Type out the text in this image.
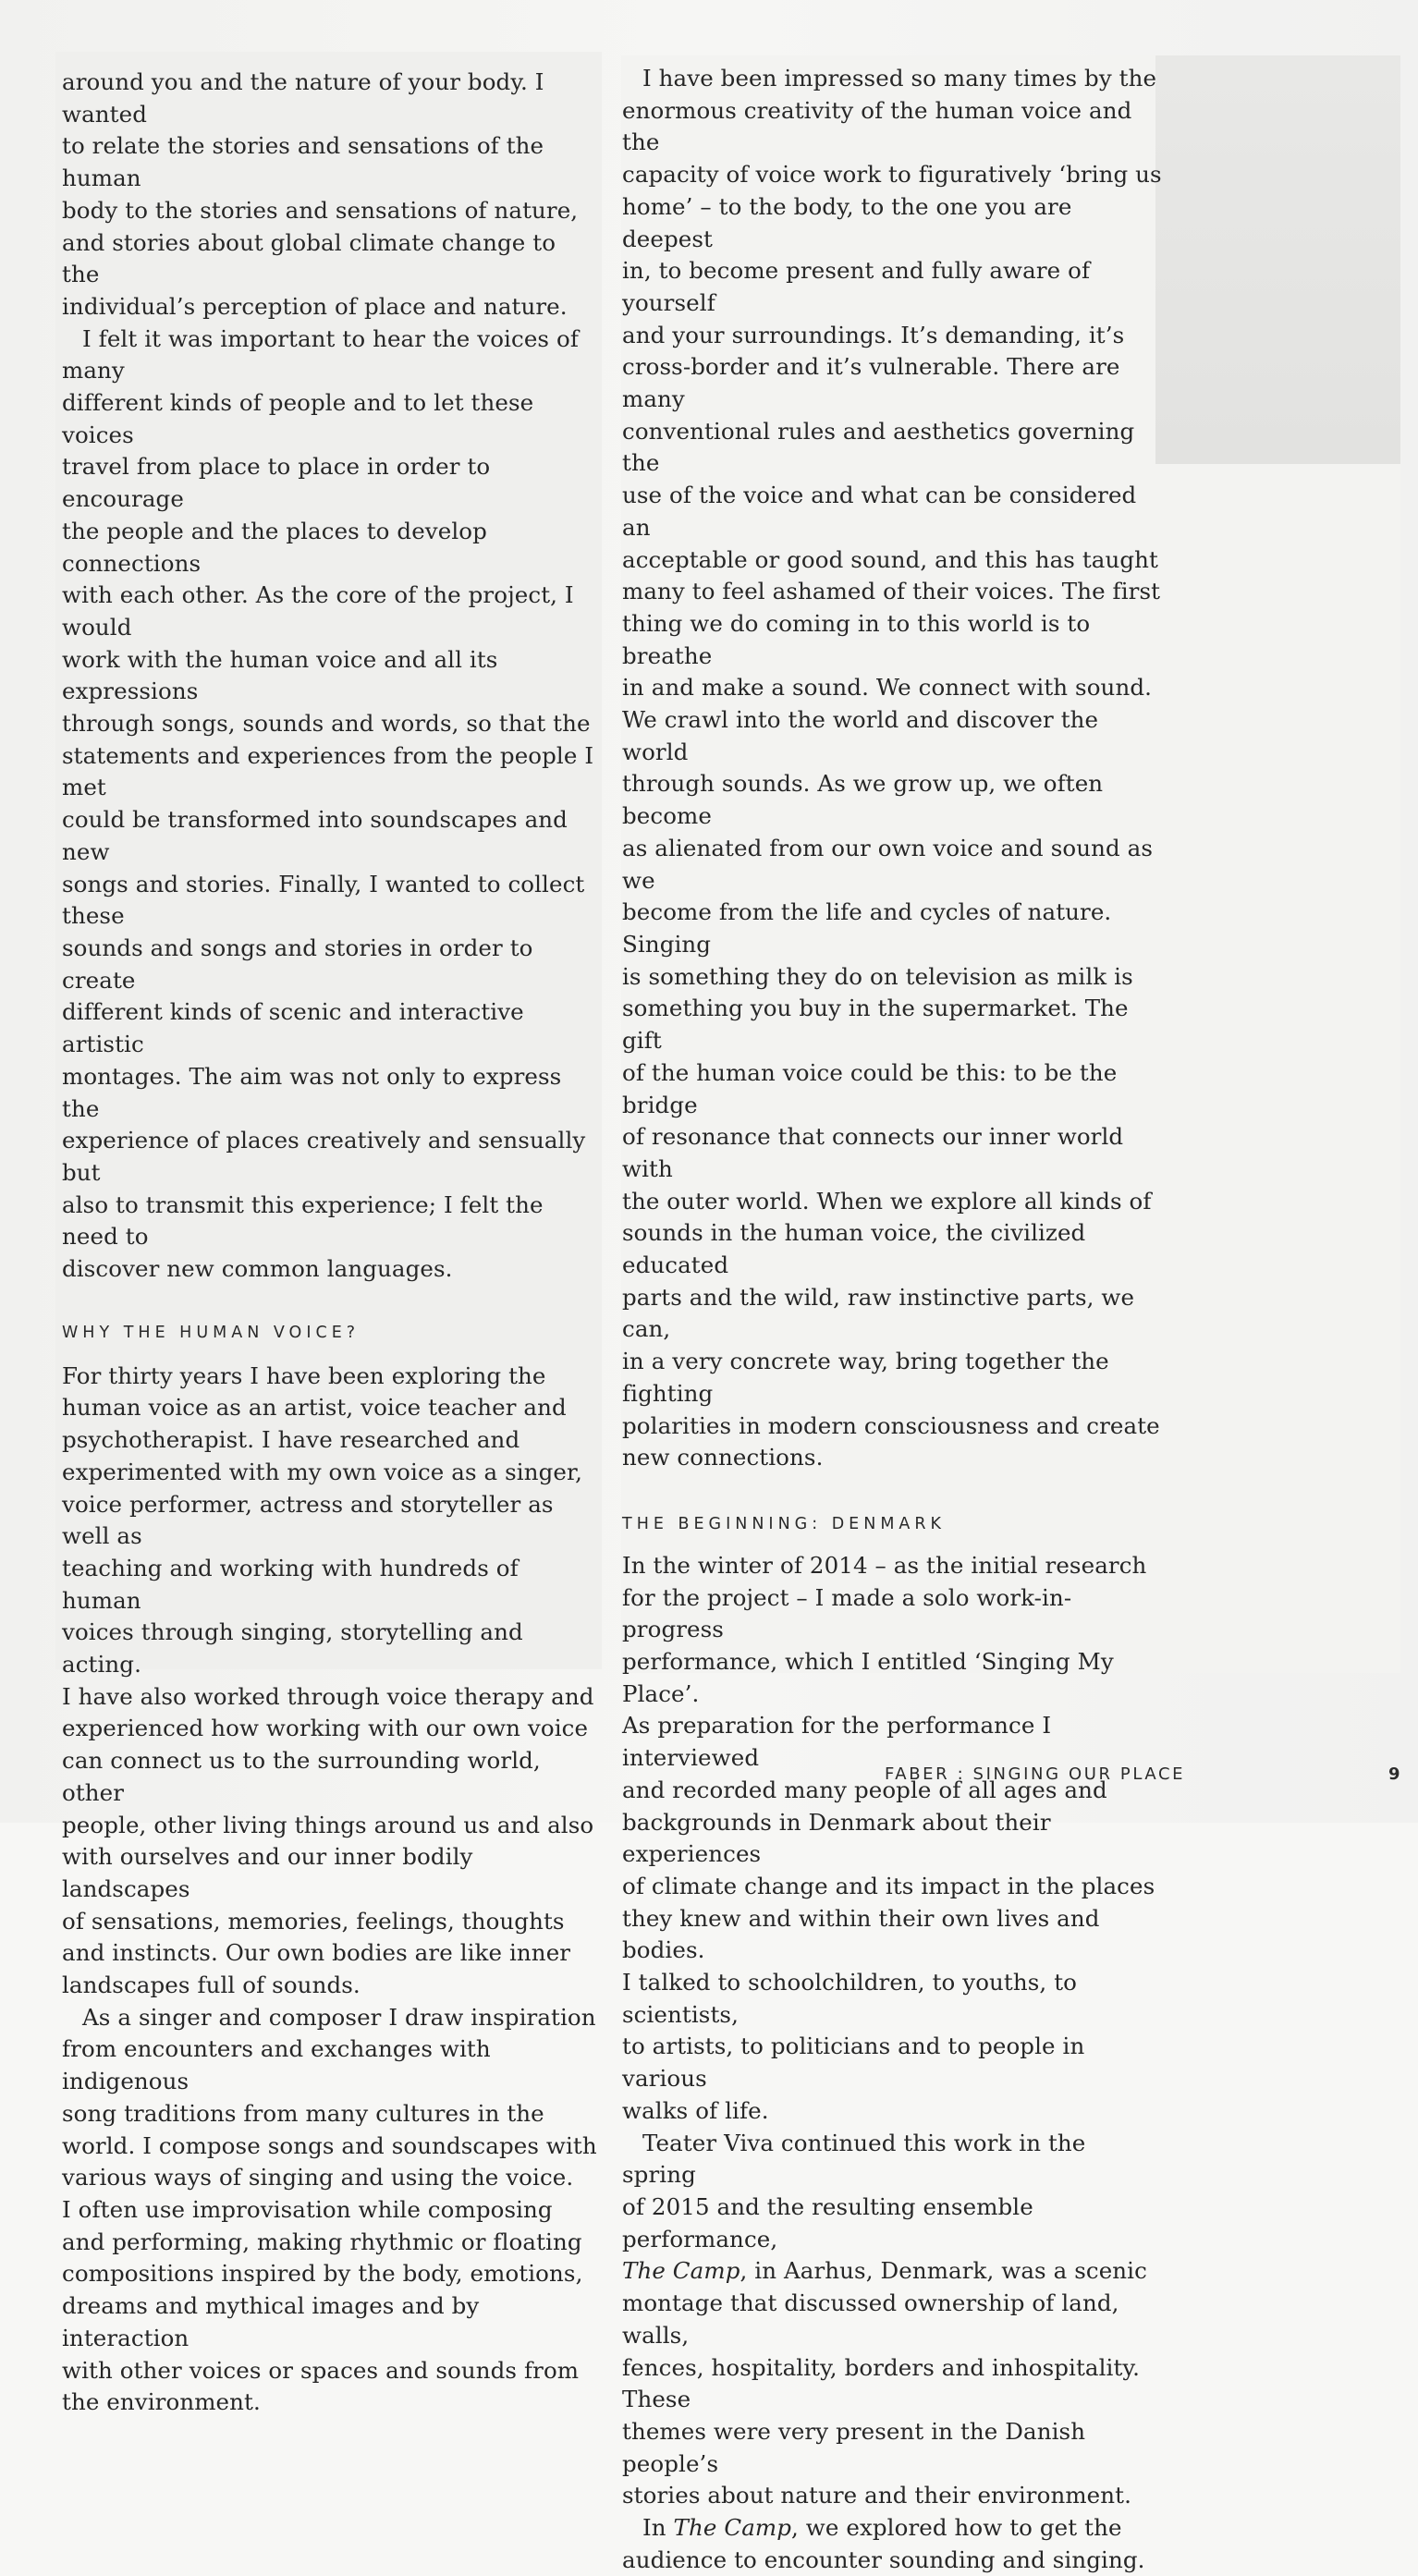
around you and the nature of your body. I wanted
to relate the stories and sensations of the human
body to the stories and sensations of nature,
and stories about global climate change to the
individual’s perception of place and nature.

I felt it was important to hear the voices of many
different kinds of people and to let these voices
travel from place to place in order to encourage
the people and the places to develop connections
with each other. As the core of the project, I would
work with the human voice and all its expressions
through songs, sounds and words, so that the
statements and experiences from the people I met
could be transformed into soundscapes and new
songs and stories. Finally, I wanted to collect these
sounds and songs and stories in order to create
different kinds of scenic and interactive artistic
montages. The aim was not only to express the
experience of places creatively and sensually but
also to transmit this experience; I felt the need to
discover new common languages.

WHY THE HUMAN VOICE?

For thirty years I have been exploring the
human voice as an artist, voice teacher and
psychotherapist. I have researched and
experimented with my own voice as a singer,
voice performer, actress and storyteller as well as
teaching and working with hundreds of human
voices through singing, storytelling and acting.
I have also worked through voice therapy and
experienced how working with our own voice
can connect us to the surrounding world, other
people, other living things around us and also
with ourselves and our inner bodily landscapes
of sensations, memories, feelings, thoughts
and instincts. Our own bodies are like inner
landscapes full of sounds.

As a singer and composer I draw inspiration
from encounters and exchanges with indigenous
song traditions from many cultures in the
world. I compose songs and soundscapes with
various ways of singing and using the voice.
I often use improvisation while composing
and performing, making rhythmic or floating
compositions inspired by the body, emotions,
dreams and mythical images and by interaction
with other voices or spaces and sounds from
the environment.

I have been impressed so many times by the
enormous creativity of the human voice and the
capacity of voice work to figuratively ‘bring us
home’ – to the body, to the one you are deepest
in, to become present and fully aware of yourself
and your surroundings. It’s demanding, it’s
cross-border and it’s vulnerable. There are many
conventional rules and aesthetics governing the
use of the voice and what can be considered an
acceptable or good sound, and this has taught
many to feel ashamed of their voices. The first
thing we do coming in to this world is to breathe
in and make a sound. We connect with sound.
We crawl into the world and discover the world
through sounds. As we grow up, we often become
as alienated from our own voice and sound as we
become from the life and cycles of nature. Singing
is something they do on television as milk is
something you buy in the supermarket. The gift
of the human voice could be this: to be the bridge
of resonance that connects our inner world with
the outer world. When we explore all kinds of
sounds in the human voice, the civilized educated
parts and the wild, raw instinctive parts, we can,
in a very concrete way, bring together the fighting
polarities in modern consciousness and create
new connections.

THE BEGINNING: DENMARK

In the winter of 2014 – as the initial research
for the project – I made a solo work-in-progress
performance, which I entitled ‘Singing My Place’.
As preparation for the performance I interviewed
and recorded many people of all ages and
backgrounds in Denmark about their experiences
of climate change and its impact in the places
they knew and within their own lives and bodies.
I talked to schoolchildren, to youths, to scientists,
to artists, to politicians and to people in various
walks of life.

Teater Viva continued this work in the spring
of 2015 and the resulting ensemble performance,
The Camp, in Aarhus, Denmark, was a scenic
montage that discussed ownership of land, walls,
fences, hospitality, borders and inhospitality. These
themes were very present in the Danish people’s
stories about nature and their environment.

In The Camp, we explored how to get the
audience to encounter sounding and singing.

FABER : SINGING OUR PLACE	9
